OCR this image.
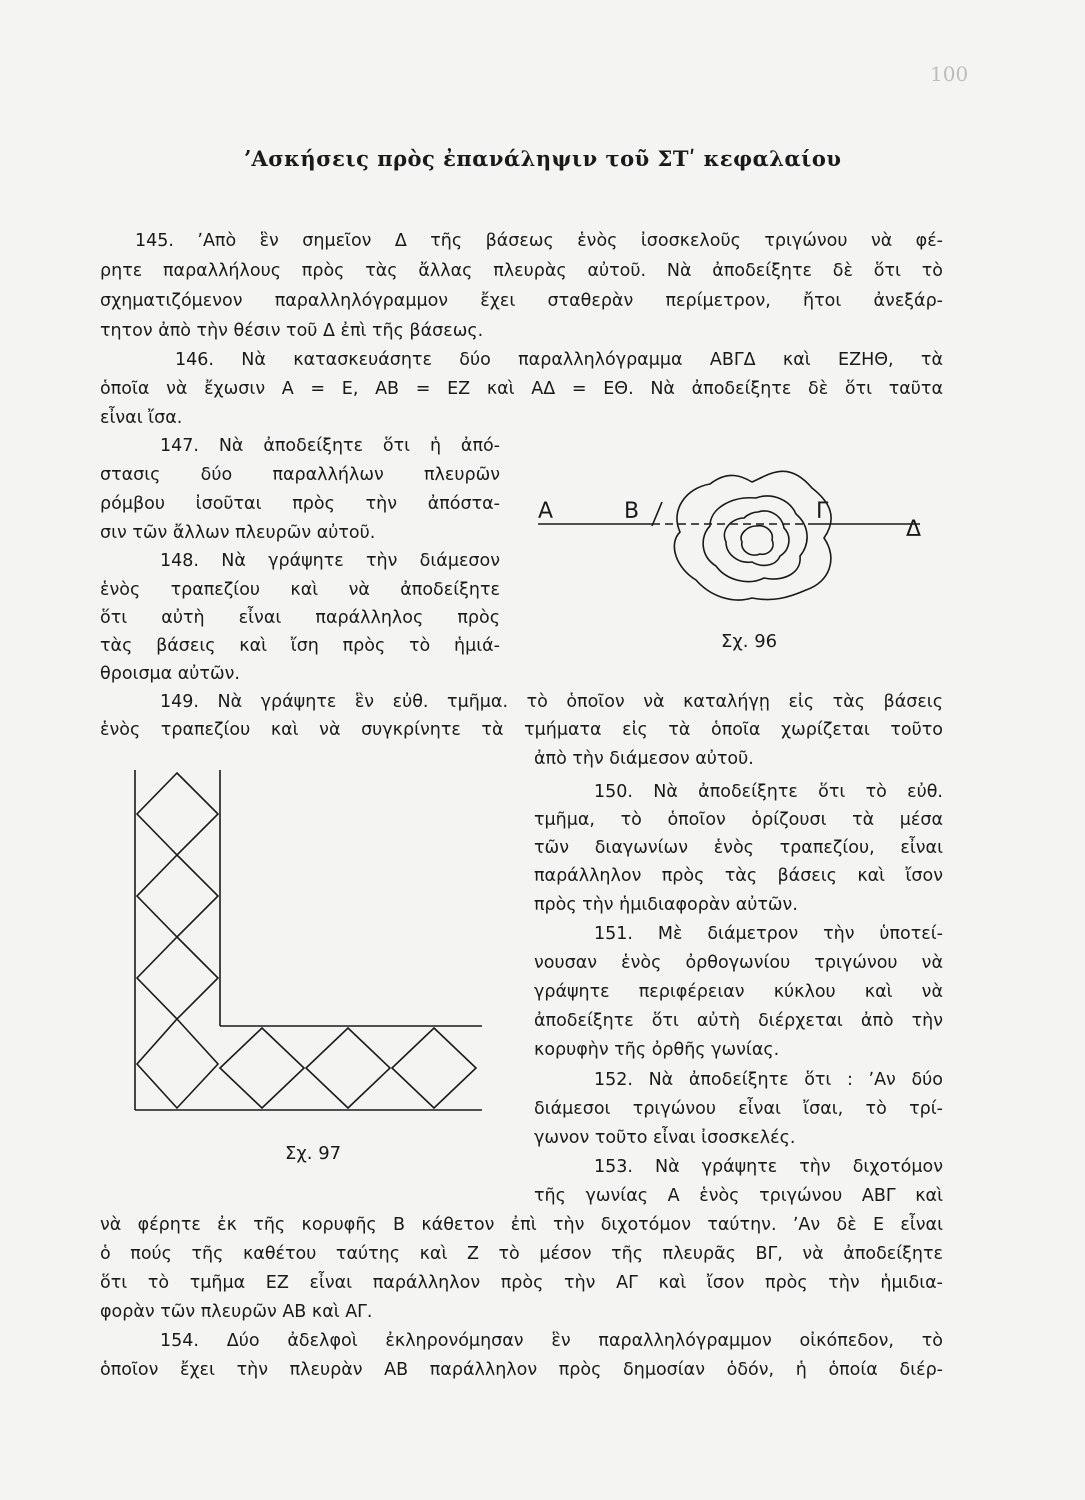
100
ʼΑσκήσεις πρὸς ἐπανάληψιν τοῦ ΣΤʹ κεφαλαίου
145. ʼΑπὸ ἓν σημεῖον Δ τῆς βάσεως ἑνὸς ἰσοσκελοῦς τριγώνου νὰ φέ-
ρητε παραλλήλους πρὸς τὰς ἄλλας πλευρὰς αὐτοῦ. Νὰ ἀποδείξητε δὲ ὅτι τὸ
σχηματιζόμενον παραλληλόγραμμον ἔχει σταθερὰν περίμετρον, ἤτοι ἀνεξάρ-
τητον ἀπὸ τὴν θέσιν τοῦ Δ ἐπὶ τῆς βάσεως.
146. Νὰ κατασκευάσητε δύο παραλληλόγραμμα ΑΒΓΔ καὶ ΕΖΗΘ, τὰ
ὁποῖα νὰ ἔχωσιν Α = Ε, ΑΒ = ΕΖ καὶ ΑΔ = ΕΘ. Νὰ ἀποδείξητε δὲ ὅτι ταῦτα
εἶναι ἴσα.
147. Νὰ ἀποδείξητε ὅτι ἡ ἀπό-
στασις δύο παραλλήλων πλευρῶν
ρόμβου ἰσοῦται πρὸς τὴν ἀπόστα-
σιν τῶν ἄλλων πλευρῶν αὐτοῦ.
148. Νὰ γράψητε τὴν διάμεσον
ἑνὸς τραπεζίου καὶ νὰ ἀποδείξητε
ὅτι αὐτὴ εἶναι παράλληλος πρὸς
τὰς βάσεις καὶ ἴση πρὸς τὸ ἡμιά-
θροισμα αὐτῶν.
149. Νὰ γράψητε ἓν εὐθ. τμῆμα. τὸ ὁποῖον νὰ καταλήγῃ εἰς τὰς βάσεις
ἑνὸς τραπεζίου καὶ νὰ συγκρίνητε τὰ τμήματα εἰς τὰ ὁποῖα χωρίζεται τοῦτο
ἀπὸ τὴν διάμεσον αὐτοῦ.
150. Νὰ ἀποδείξητε ὅτι τὸ εὐθ.
τμῆμα, τὸ ὁποῖον ὁρίζουσι τὰ μέσα
τῶν διαγωνίων ἑνὸς τραπεζίου, εἶναι
παράλληλον πρὸς τὰς βάσεις καὶ ἴσον
πρὸς τὴν ἡμιδιαφορὰν αὐτῶν.
151. Μὲ διάμετρον τὴν ὑποτεί-
νουσαν ἑνὸς ὀρθογωνίου τριγώνου νὰ
γράψητε περιφέρειαν κύκλου καὶ νὰ
ἀποδείξητε ὅτι αὐτὴ διέρχεται ἀπὸ τὴν
κορυφὴν τῆς ὀρθῆς γωνίας.
152. Νὰ ἀποδείξητε ὅτι : ʼΑν δύο
διάμεσοι τριγώνου εἶναι ἴσαι, τὸ τρί-
γωνον τοῦτο εἶναι ἰσοσκελές.
153. Νὰ γράψητε τὴν διχοτόμον
τῆς γωνίας Α ἑνὸς τριγώνου ΑΒΓ καὶ
νὰ φέρητε ἐκ τῆς κορυφῆς Β κάθετον ἐπὶ τὴν διχοτόμον ταύτην. ʼΑν δὲ Ε εἶναι
ὁ πούς τῆς καθέτου ταύτης καὶ Ζ τὸ μέσον τῆς πλευρᾶς ΒΓ, νὰ ἀποδείξητε
ὅτι τὸ τμῆμα ΕΖ εἶναι παράλληλον πρὸς τὴν ΑΓ καὶ ἴσον πρὸς τὴν ἡμιδια-
φορὰν τῶν πλευρῶν ΑΒ καὶ ΑΓ.
154. Δύο ἀδελφοὶ ἐκληρονόμησαν ἓν παραλληλόγραμμον οἰκόπεδον, τὸ
ὁποῖον ἔχει τὴν πλευρὰν ΑΒ παράλληλον πρὸς δημοσίαν ὁδόν, ἡ ὁποία διέρ-
Α	Β	Γ
Δ
Σχ. 96
Σχ. 97
